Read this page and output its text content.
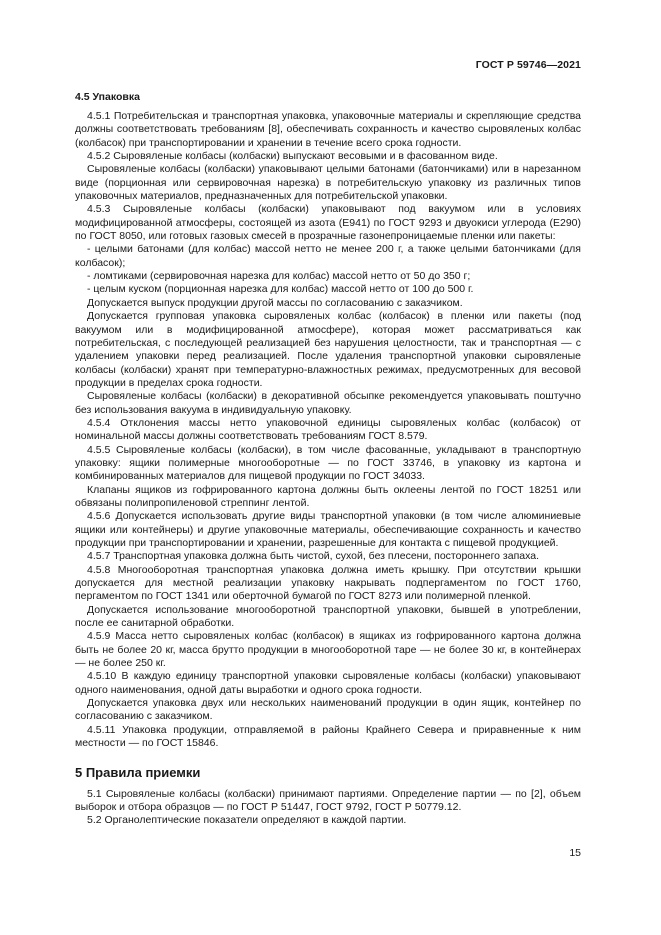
ГОСТ Р 59746—2021
4.5 Упаковка

4.5.1 Потребительская и транспортная упаковка, упаковочные материалы и скрепляющие средства должны соответствовать требованиям [8], обеспечивать сохранность и качество сыровяленых колбас (колбасок) при транспортировании и хранении в течение всего срока годности.

4.5.2 Сыровяленые колбасы (колбаски) выпускают весовыми и в фасованном виде.

Сыровяленые колбасы (колбаски) упаковывают целыми батонами (батончиками) или в нарезанном виде (порционная или сервировочная нарезка) в потребительскую упаковку из различных типов упаковочных материалов, предназначенных для потребительской упаковки.

4.5.3 Сыровяленые колбасы (колбаски) упаковывают под вакуумом или в условиях модифицированной атмосферы, состоящей из азота (Е941) по ГОСТ 9293 и двуокиси углерода (Е290) по ГОСТ 8050, или готовых газовых смесей в прозрачные газонепроницаемые пленки или пакеты:

- целыми батонами (для колбас) массой нетто не менее 200 г, а также целыми батончиками (для колбасок);

- ломтиками (сервировочная нарезка для колбас) массой нетто от 50 до 350 г;

- целым куском (порционная нарезка для колбас) массой нетто от 100 до 500 г.

Допускается выпуск продукции другой массы по согласованию с заказчиком.

Допускается групповая упаковка сыровяленых колбас (колбасок) в пленки или пакеты (под вакуумом или в модифицированной атмосфере), которая может рассматриваться как потребительская, с последующей реализацией без нарушения целостности, так и транспортная — с удалением упаковки перед реализацией. После удаления транспортной упаковки сыровяленые колбасы (колбаски) хранят при температурно-влажностных режимах, предусмотренных для весовой продукции в пределах срока годности.

Сыровяленые колбасы (колбаски) в декоративной обсыпке рекомендуется упаковывать поштучно без использования вакуума в индивидуальную упаковку.

4.5.4 Отклонения массы нетто упаковочной единицы сыровяленых колбас (колбасок) от номинальной массы должны соответствовать требованиям ГОСТ 8.579.

4.5.5 Сыровяленые колбасы (колбаски), в том числе фасованные, укладывают в транспортную упаковку: ящики полимерные многооборотные — по ГОСТ 33746, в упаковку из картона и комбинированных материалов для пищевой продукции по ГОСТ 34033.

Клапаны ящиков из гофрированного картона должны быть оклеены лентой по ГОСТ 18251 или обвязаны полипропиленовой стреппинг лентой.

4.5.6 Допускается использовать другие виды транспортной упаковки (в том числе алюминиевые ящики или контейнеры) и другие упаковочные материалы, обеспечивающие сохранность и качество продукции при транспортировании и хранении, разрешенные для контакта с пищевой продукцией.

4.5.7 Транспортная упаковка должна быть чистой, сухой, без плесени, постороннего запаха.

4.5.8 Многооборотная транспортная упаковка должна иметь крышку. При отсутствии крышки допускается для местной реализации упаковку накрывать подпергаментом по ГОСТ 1760, пергаментом по ГОСТ 1341 или оберточной бумагой по ГОСТ 8273 или полимерной пленкой.

Допускается использование многооборотной транспортной упаковки, бывшей в употреблении, после ее санитарной обработки.

4.5.9 Масса нетто сыровяленых колбас (колбасок) в ящиках из гофрированного картона должна быть не более 20 кг, масса брутто продукции в многооборотной таре — не более 30 кг, в контейнерах — не более 250 кг.

4.5.10 В каждую единицу транспортной упаковки сыровяленые колбасы (колбаски) упаковывают одного наименования, одной даты выработки и одного срока годности.

Допускается упаковка двух или нескольких наименований продукции в один ящик, контейнер по согласованию с заказчиком.

4.5.11 Упаковка продукции, отправляемой в районы Крайнего Севера и приравненные к ним местности — по ГОСТ 15846.

5 Правила приемки

5.1 Сыровяленые колбасы (колбаски) принимают партиями. Определение партии — по [2], объем выборок и отбора образцов — по ГОСТ Р 51447, ГОСТ 9792, ГОСТ Р 50779.12.

5.2 Органолептические показатели определяют в каждой партии.

15
